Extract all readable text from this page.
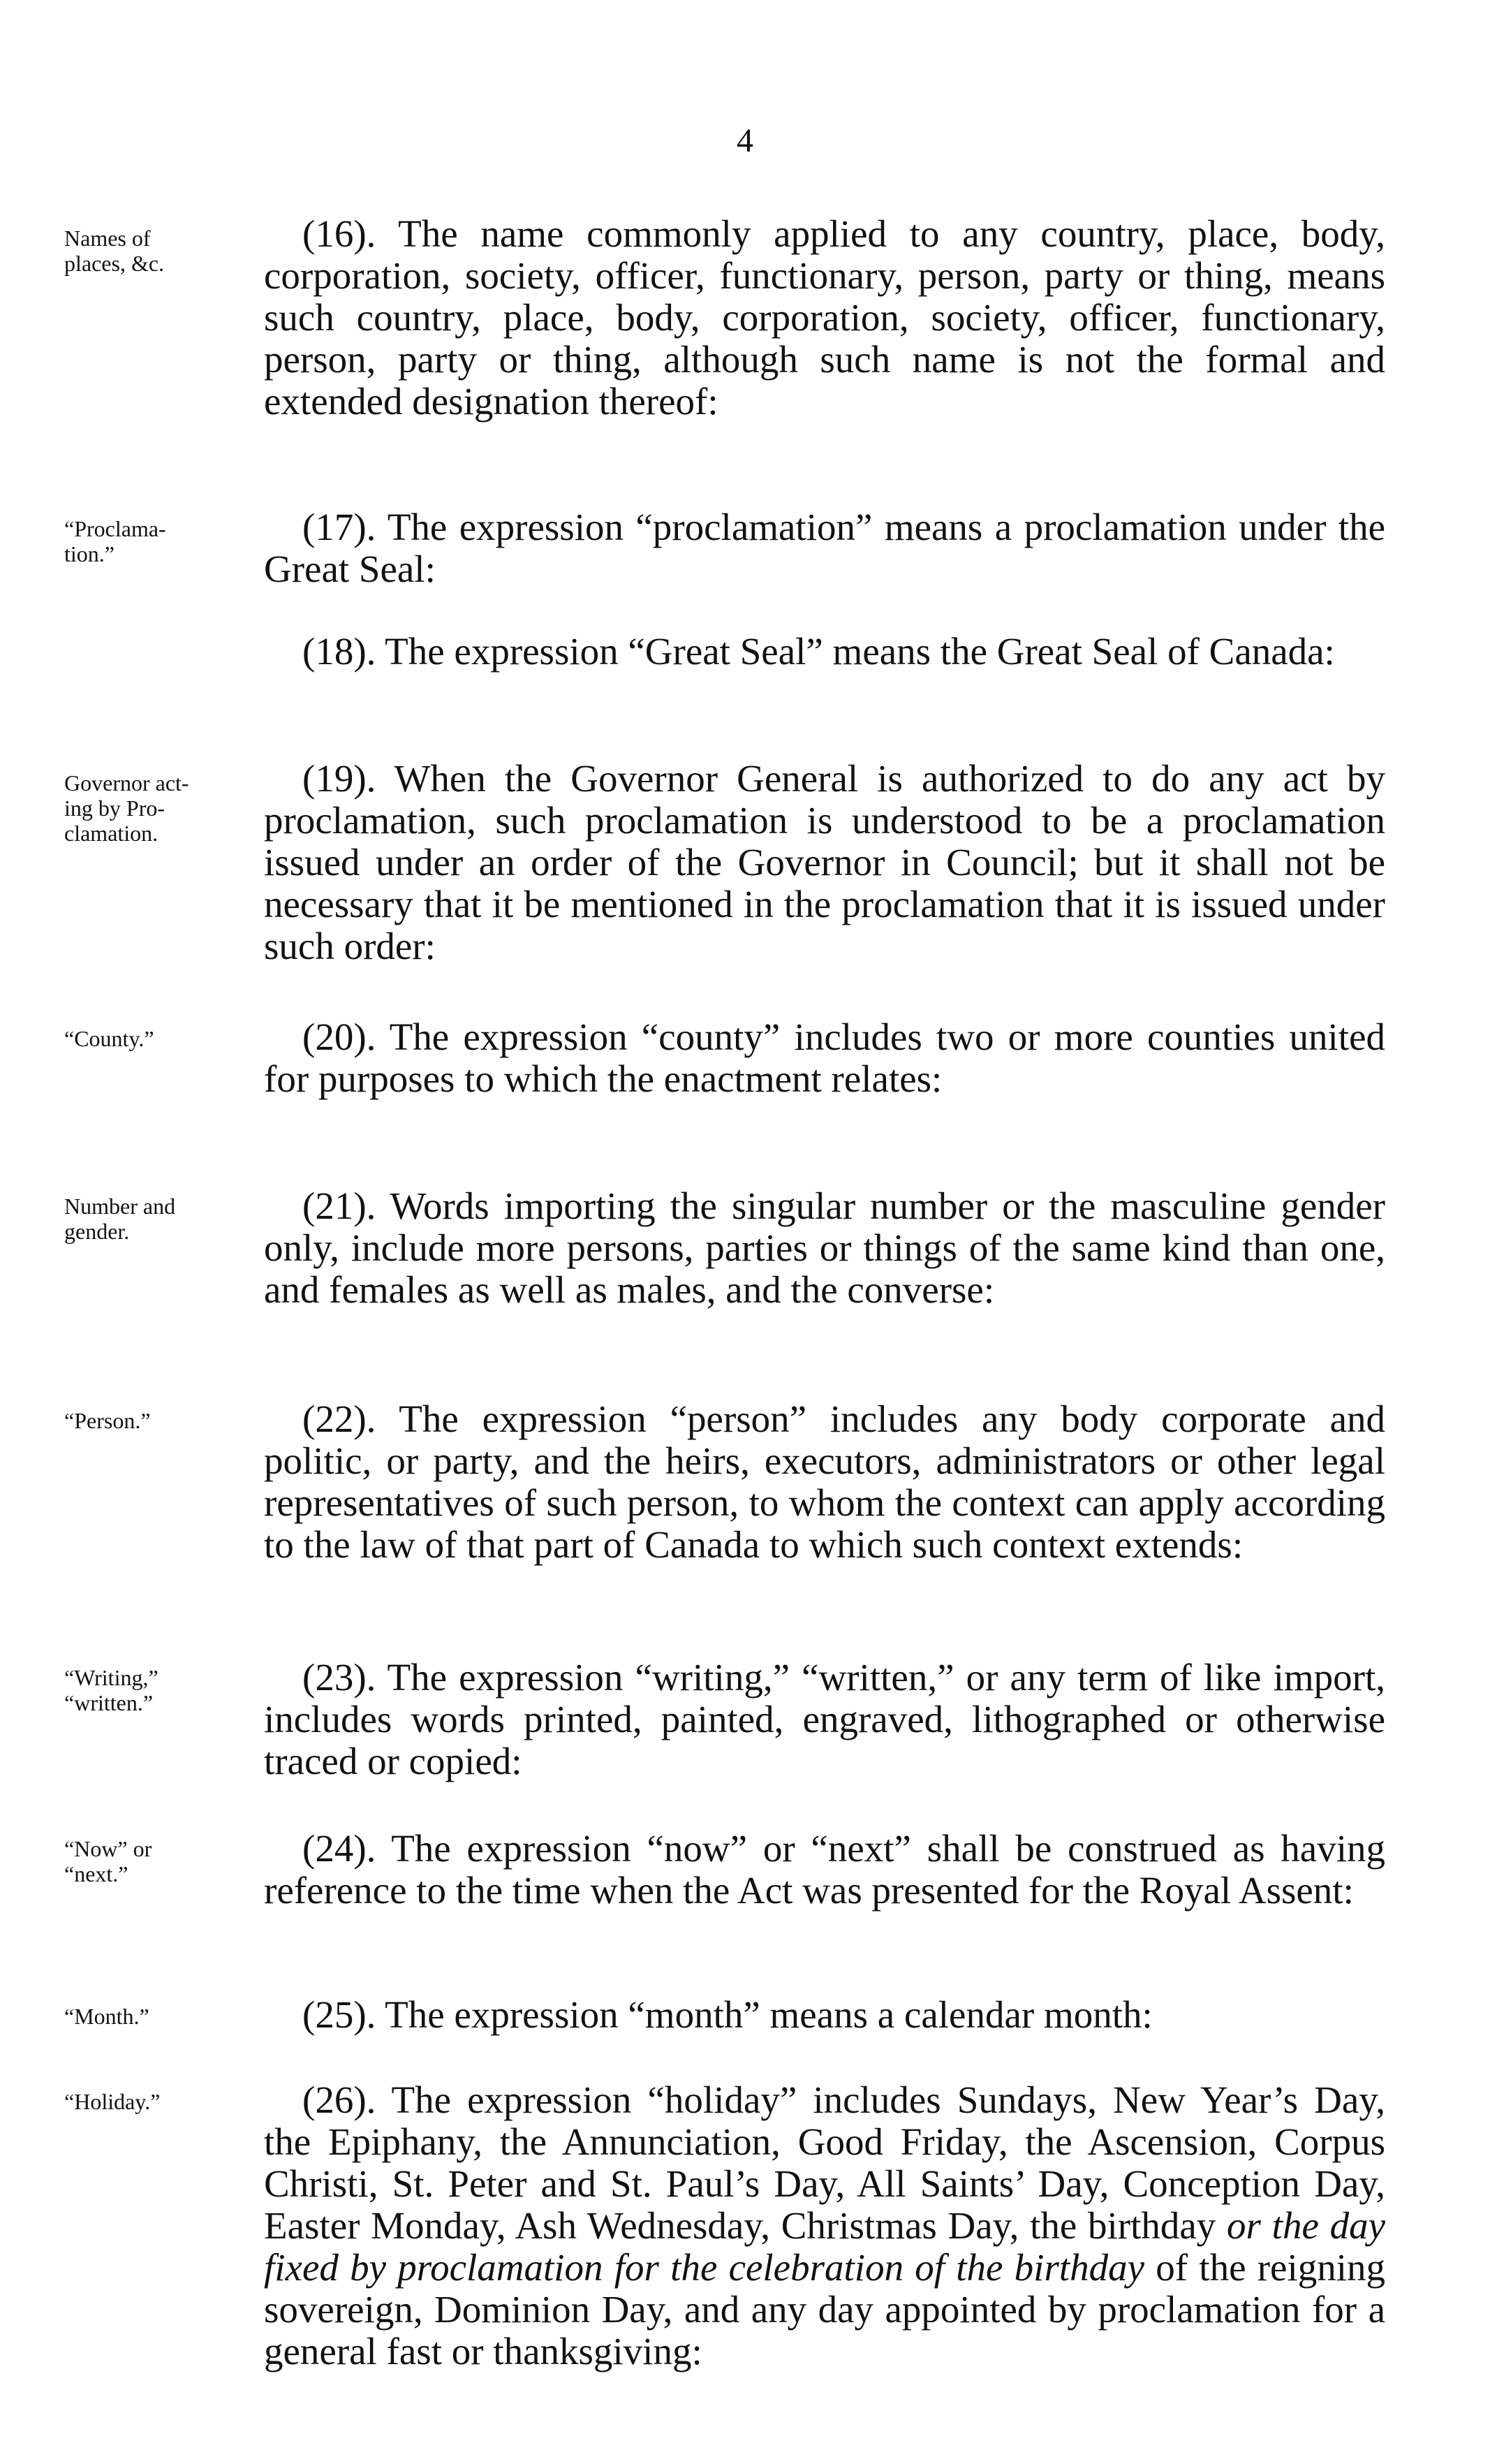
4
Names of
places, &c.
(16). The name commonly applied to any country, place, body, corporation, society, officer, functionary, person, party or thing, means such country, place, body, corporation, society, officer, functionary, person, party or thing, although such name is not the formal and extended designation thereof:
“Proclama-
tion.”
(17). The expression “proclamation” means a proclamation under the Great Seal:
(18). The expression “Great Seal” means the Great Seal of Canada:
Governor act-
ing by Pro-
clamation.
(19). When the Governor General is authorized to do any act by proclamation, such proclamation is understood to be a proclamation issued under an order of the Governor in Council; but it shall not be necessary that it be mentioned in the proclamation that it is issued under such order:
“County.”	(20). The expression “county” includes two or more counties united for purposes to which the enactment relates:
Number and
gender.
(21). Words importing the singular number or the masculine gender only, include more persons, parties or things of the same kind than one, and females as well as males, and the converse:
“Person.”	(22). The expression “person” includes any body corporate and politic, or party, and the heirs, executors, administrators or other legal representatives of such person, to whom the context can apply according to the law of that part of Canada to which such context extends:
“Writing,”
“written.”
(23). The expression “writing,” “written,” or any term of like import, includes words printed, painted, engraved, lithographed or otherwise traced or copied:
“Now” or
“next.”
(24). The expression “now” or “next” shall be construed as having reference to the time when the Act was presented for the Royal Assent:
“Month.”	(25). The expression “month” means a calendar month:
“Holiday.”	(26). The expression “holiday” includes Sundays, New Year’s Day, the Epiphany, the Annunciation, Good Friday, the Ascension, Corpus Christi, St. Peter and St. Paul’s Day, All Saints’ Day, Conception Day, Easter Monday, Ash Wednesday, Christmas Day, the birthday or the day fixed by proclamation for the celebration of the birthday of the reigning sovereign, Dominion Day, and any day appointed by proclamation for a general fast or thanksgiving:
